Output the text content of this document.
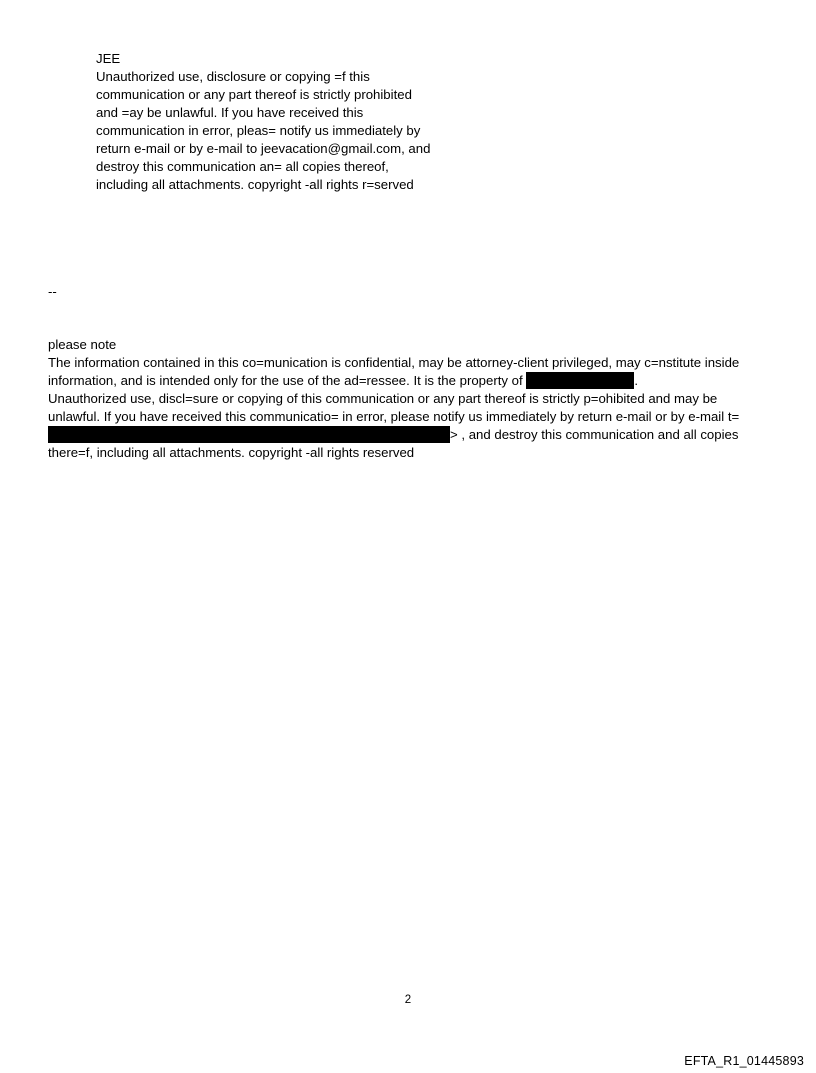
JEE
Unauthorized use, disclosure or copying =f this
communication or any part thereof is strictly prohibited
and =ay be unlawful. If you have received this
communication in error, pleas= notify us immediately by
return e-mail or by e-mail to jeevacation@gmail.com, and
destroy this communication an= all copies thereof,
including all attachments. copyright -all rights r=served
--
please note
The information contained in this co=munication is confidential, may be attorney-client privileged, may c=nstitute inside
information, and is intended only for the use of the ad=ressee. It is the property of	.
Unauthorized use, discl=sure or copying of this communication or any part thereof is strictly p=ohibited and may be
unlawful. If you have received this communicatio= in error, please notify us immediately by return e-mail or by e-mail t=
> , and destroy this communication and all copies
there=f, including all attachments. copyright -all rights reserved
2
EFTA_R1_01445893
